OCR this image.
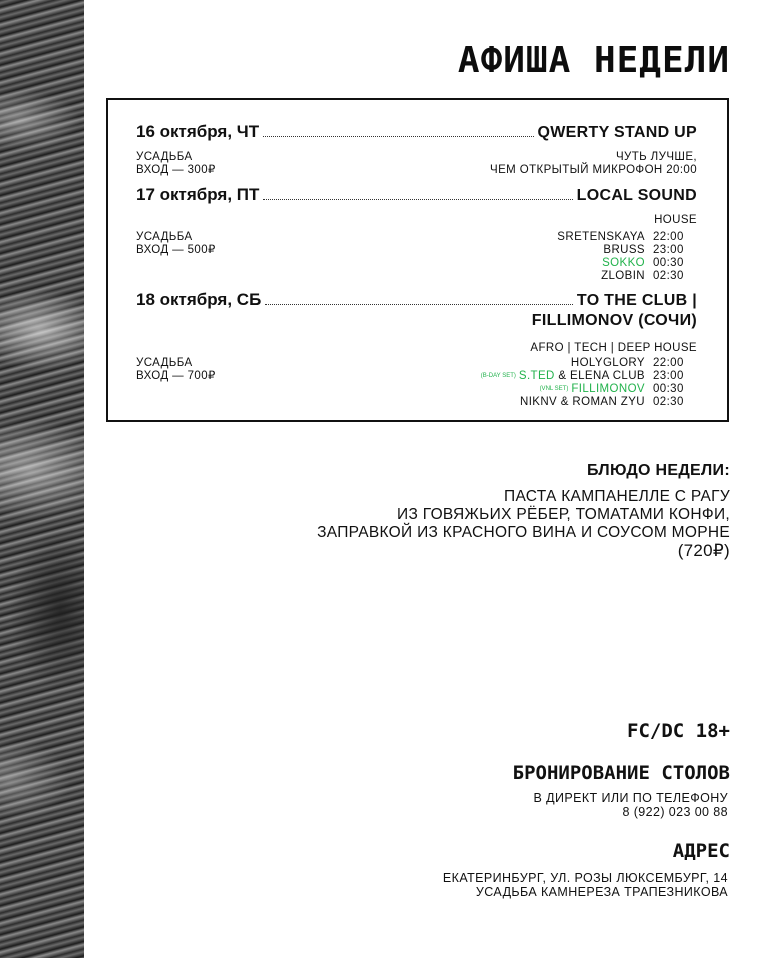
АФИША НЕДЕЛИ
16 октября, ЧТ	QWERTY STAND UP
УСАДЬБА
ВХОД — 300₽
ЧУТЬ ЛУЧШЕ,
ЧЕМ ОТКРЫТЫЙ МИКРОФОН 20:00
17 октября, ПТ	LOCAL SOUND
HOUSE
УСАДЬБА
ВХОД — 500₽
SRETENSKAYA 22:00
BRUSS 23:00
SOKKO 00:30
ZLOBIN 02:30
18 октября, СБ	TO THE CLUB |
FILLIMONOV (СОЧИ)
AFRO | TECH | DEEP HOUSE
УСАДЬБА
ВХОД — 700₽
HOLYGLORY 22:00
(B-DAY SET) S.TED & ELENA CLUB 23:00
(VNL SET) FILLIMONOV 00:30
NIKNV & ROMAN ZYU 02:30
БЛЮДО НЕДЕЛИ:
ПАСТА КАМПАНЕЛЛЕ С РАГУ
ИЗ ГОВЯЖЬИХ РЁБЕР, ТОМАТАМИ КОНФИ,
ЗАПРАВКОЙ ИЗ КРАСНОГО ВИНА И СОУСОМ МОРНЕ
(720₽)
FC/DC 18+
БРОНИРОВАНИЕ СТОЛОВ
В ДИРЕКТ ИЛИ ПО ТЕЛЕФОНУ
8 (922) 023 00 88
АДРЕС
ЕКАТЕРИНБУРГ, УЛ. РОЗЫ ЛЮКСЕМБУРГ, 14
УСАДЬБА КАМНЕРЕЗА ТРАПЕЗНИКОВА
